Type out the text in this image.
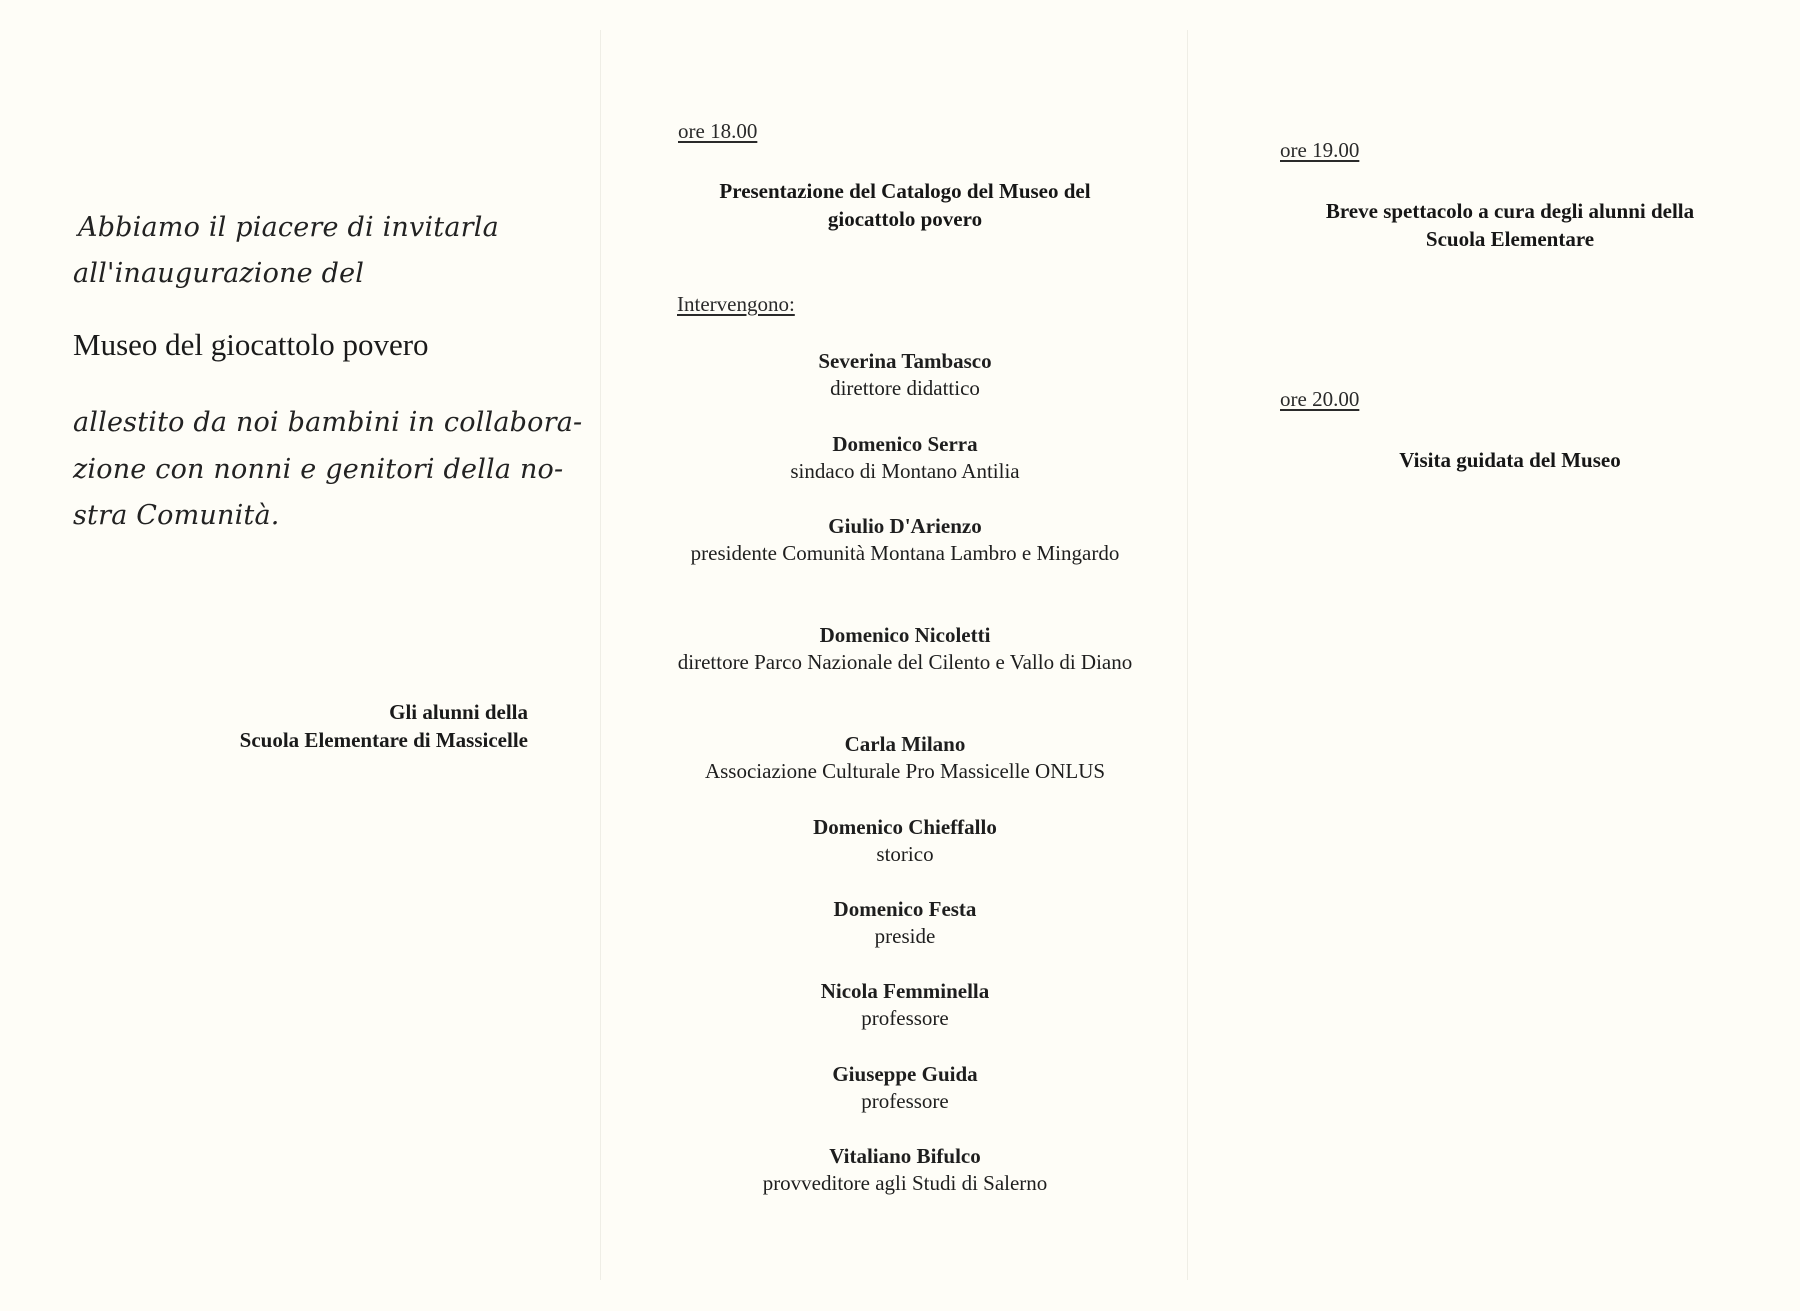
Abbiamo il piacere di invitarla
all'inaugurazione del
Museo del giocattolo povero
allestito da noi bambini in collabora-
zione con nonni e genitori della no-
stra Comunità.
Gli alunni della
Scuola Elementare di Massicelle
ore 18.00
Presentazione del Catalogo del Museo del
giocattolo povero
Intervengono:
Severina Tambasco
direttore didattico
Domenico Serra
sindaco di Montano Antilia
Giulio D'Arienzo
presidente Comunità Montana Lambro e Mingardo
Domenico Nicoletti
direttore Parco Nazionale del Cilento e Vallo di Diano
Carla Milano
Associazione Culturale Pro Massicelle ONLUS
Domenico Chieffallo
storico
Domenico Festa
preside
Nicola Femminella
professore
Giuseppe Guida
professore
Vitaliano Bifulco
provveditore agli Studi di Salerno
ore 19.00
Breve spettacolo a cura degli alunni della
Scuola Elementare
ore 20.00
Visita guidata del Museo
